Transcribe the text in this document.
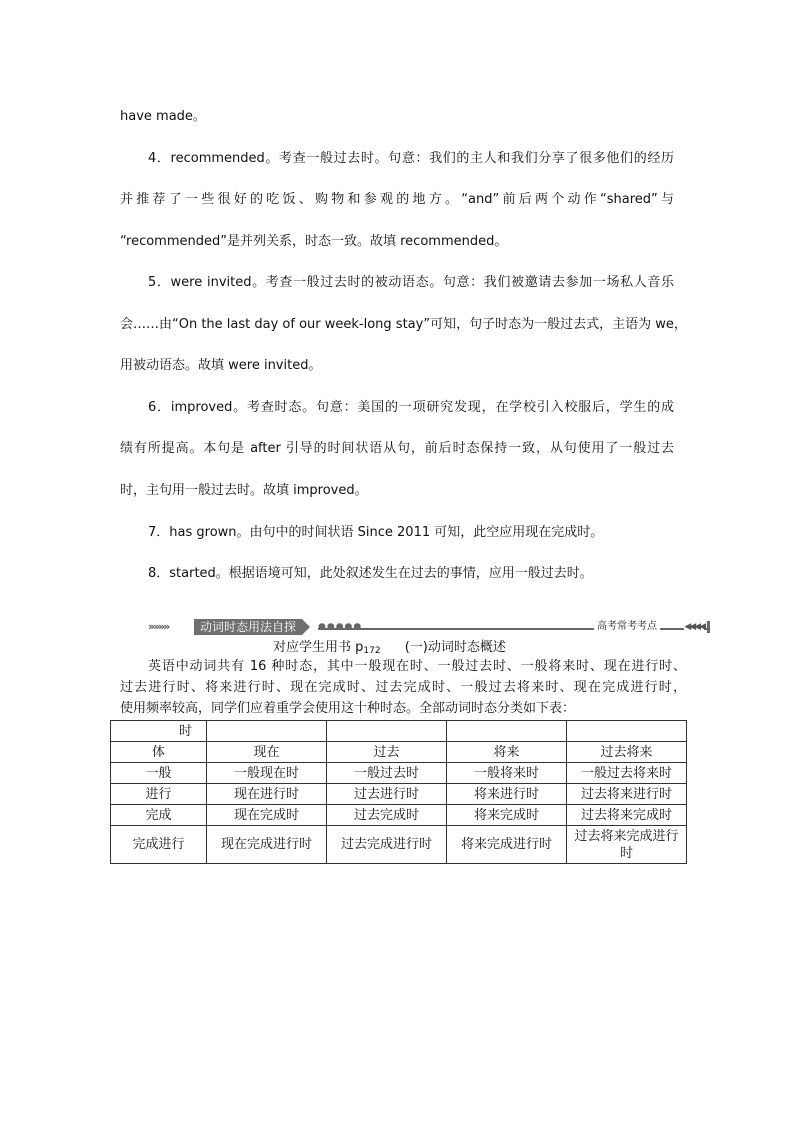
have made。
4．recommended。考查一般过去时。句意：我们的主人和我们分享了很多他们的经历
并推荐了一些很好的吃饭、购物和参观的地方。“and”前后两个动作“shared”与
“recommended”是并列关系，时态一致。故填 recommended。
5．were invited。考查一般过去时的被动语态。句意：我们被邀请去参加一场私人音乐
会……由“On the last day of our week-long stay”可知，句子时态为一般过去式，主语为 we，
用被动语态。故填 were invited。
6．improved。考查时态。句意：美国的一项研究发现，在学校引入校服后，学生的成
绩有所提高。本句是 after 引导的时间状语从句，前后时态保持一致，从句使用了一般过去
时，主句用一般过去时。故填 improved。
7．has grown。由句中的时间状语 Since 2011 可知，此空应用现在完成时。
8．started。根据语境可知，此处叙述发生在过去的事情，应用一般过去时。
●●●●●
››››››››	动词时态用法自探	高考常考考点	◀◀◀◀
对应学生用书 p172 (一)动词时态概述
英语中动词共有 16 种时态，其中一般现在时、一般过去时、一般将来时、现在进行时、
过去进行时、将来进行时、现在完成时、过去完成时、一般过去将来时、现在完成进行时，
使用频率较高，同学们应着重学会使用这十种时态。全部动词时态分类如下表：
时				
体	现在	过去	将来	过去将来
一般	一般现在时	一般过去时	一般将来时	一般过去将来时
进行	现在进行时	过去进行时	将来进行时	过去将来进行时
完成	现在完成时	过去完成时	将来完成时	过去将来完成时
完成进行	现在完成进行时	过去完成进行时	将来完成进行时	过去将来完成进行时
